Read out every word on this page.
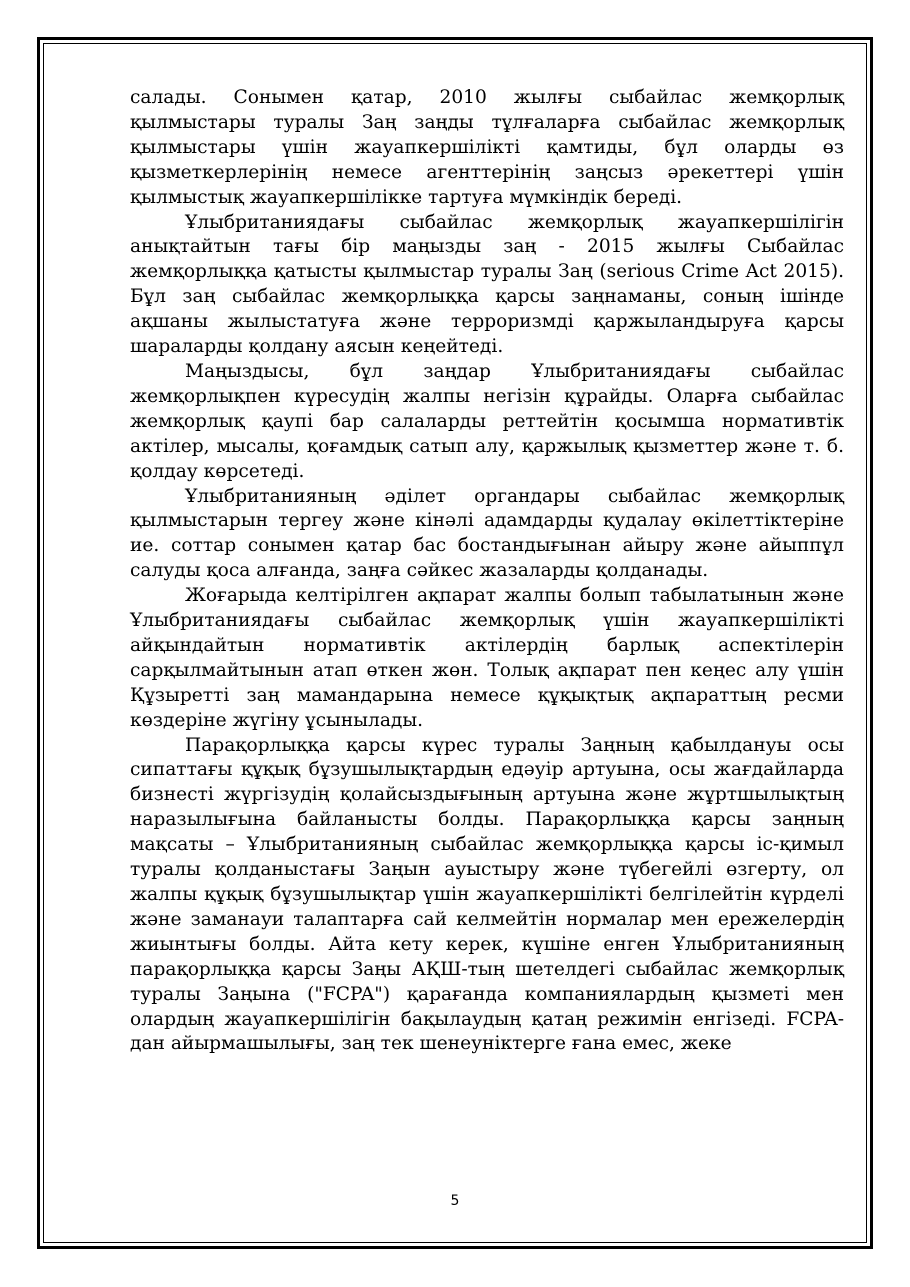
салады. Сонымен қатар, 2010 жылғы сыбайлас жемқорлық қылмыстары туралы Заң заңды тұлғаларға сыбайлас жемқорлық қылмыстары үшін жауапкершілікті қамтиды, бұл оларды өз қызметкерлерінің немесе агенттерінің заңсыз әрекеттері үшін қылмыстық жауапкершілікке тартуға мүмкіндік береді.

Ұлыбританиядағы сыбайлас жемқорлық жауапкершілігін анықтайтын тағы бір маңызды заң - 2015 жылғы Сыбайлас жемқорлыққа қатысты қылмыстар туралы Заң (serious Crime Act 2015). Бұл заң сыбайлас жемқорлыққа қарсы заңнаманы, соның ішінде ақшаны жылыстатуға және терроризмді қаржыландыруға қарсы шараларды қолдану аясын кеңейтеді.

Маңыздысы, бұл заңдар Ұлыбританиядағы сыбайлас жемқорлықпен күресудің жалпы негізін құрайды. Оларға сыбайлас жемқорлық қаупі бар салаларды реттейтін қосымша нормативтік актілер, мысалы, қоғамдық сатып алу, қаржылық қызметтер және т. б. қолдау көрсетеді.

Ұлыбританияның әділет органдары сыбайлас жемқорлық қылмыстарын тергеу және кінәлі адамдарды қудалау өкілеттіктеріне ие. соттар сонымен қатар бас бостандығынан айыру және айыппұл салуды қоса алғанда, заңға сәйкес жазаларды қолданады.

Жоғарыда келтірілген ақпарат жалпы болып табылатынын және Ұлыбританиядағы сыбайлас жемқорлық үшін жауапкершілікті айқындайтын нормативтік актілердің барлық аспектілерін сарқылмайтынын атап өткен жөн. Толық ақпарат пен кеңес алу үшін Құзыретті заң мамандарына немесе құқықтық ақпараттың ресми көздеріне жүгіну ұсынылады.

Парақорлыққа қарсы күрес туралы Заңның қабылдануы осы сипаттағы құқық бұзушылықтардың едәуір артуына, осы жағдайларда бизнесті жүргізудің қолайсыздығының артуына және жұртшылықтың наразылығына байланысты болды. Парақорлыққа қарсы заңның мақсаты – Ұлыбританияның сыбайлас жемқорлыққа қарсы іс-қимыл туралы қолданыстағы Заңын ауыстыру және түбегейлі өзгерту, ол жалпы құқық бұзушылықтар үшін жауапкершілікті белгілейтін күрделі және заманауи талаптарға сай келмейтін нормалар мен ережелердің жиынтығы болды. Айта кету керек, күшіне енген Ұлыбританияның парақорлыққа қарсы Заңы АҚШ-тың шетелдегі сыбайлас жемқорлық туралы Заңына ("FCPA") қарағанда компаниялардың қызметі мен олардың жауапкершілігін бақылаудың қатаң режимін енгізеді. FCPA-дан айырмашылығы, заң тек шенеуніктерге ғана емес, жеке

5
